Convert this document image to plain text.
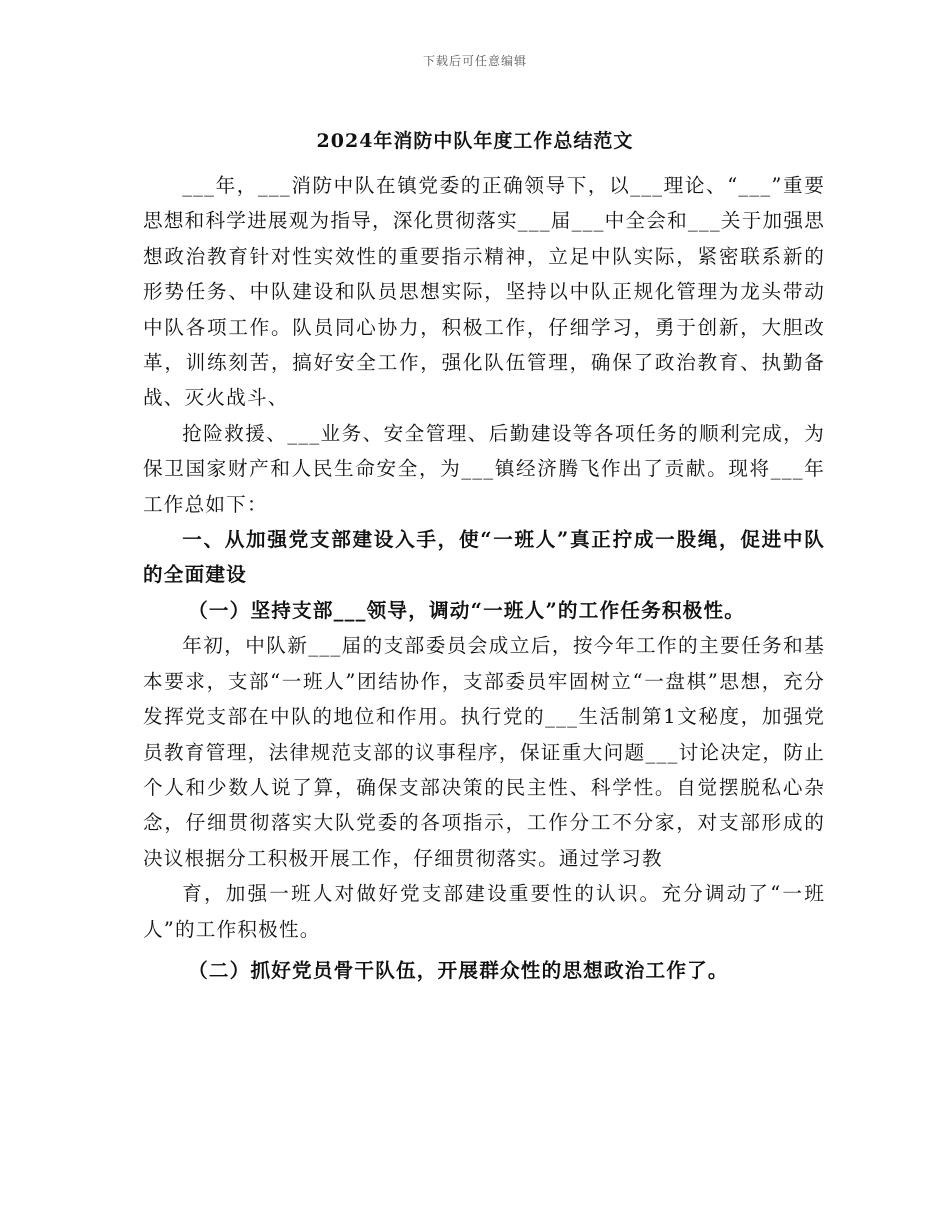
下载后可任意编辑
2024年消防中队年度工作总结范文

___年，___消防中队在镇党委的正确领导下，以___理论、“___”重要思想和科学进展观为指导，深化贯彻落实___届___中全会和___关于加强思想政治教育针对性实效性的重要指示精神，立足中队实际，紧密联系新的形势任务、中队建设和队员思想实际，坚持以中队正规化管理为龙头带动中队各项工作。队员同心协力，积极工作，仔细学习，勇于创新，大胆改革，训练刻苦，搞好安全工作，强化队伍管理，确保了政治教育、执勤备战、灭火战斗、

抢险救援、___业务、安全管理、后勤建设等各项任务的顺利完成，为保卫国家财产和人民生命安全，为___镇经济腾飞作出了贡献。现将___年工作总如下：

一、从加强党支部建设入手，使“一班人”真正拧成一股绳，促进中队的全面建设

（一）坚持支部___领导，调动“一班人”的工作任务积极性。

年初，中队新___届的支部委员会成立后，按今年工作的主要任务和基本要求，支部“一班人”团结协作，支部委员牢固树立“一盘棋”思想，充分发挥党支部在中队的地位和作用。执行党的___生活制第1文秘度，加强党员教育管理，法律规范支部的议事程序，保证重大问题___讨论决定，防止个人和少数人说了算，确保支部决策的民主性、科学性。自觉摆脱私心杂念，仔细贯彻落实大队党委的各项指示，工作分工不分家，对支部形成的决议根据分工积极开展工作，仔细贯彻落实。通过学习教

育，加强一班人对做好党支部建设重要性的认识。充分调动了“一班人”的工作积极性。

（二）抓好党员骨干队伍，开展群众性的思想政治工作了。
